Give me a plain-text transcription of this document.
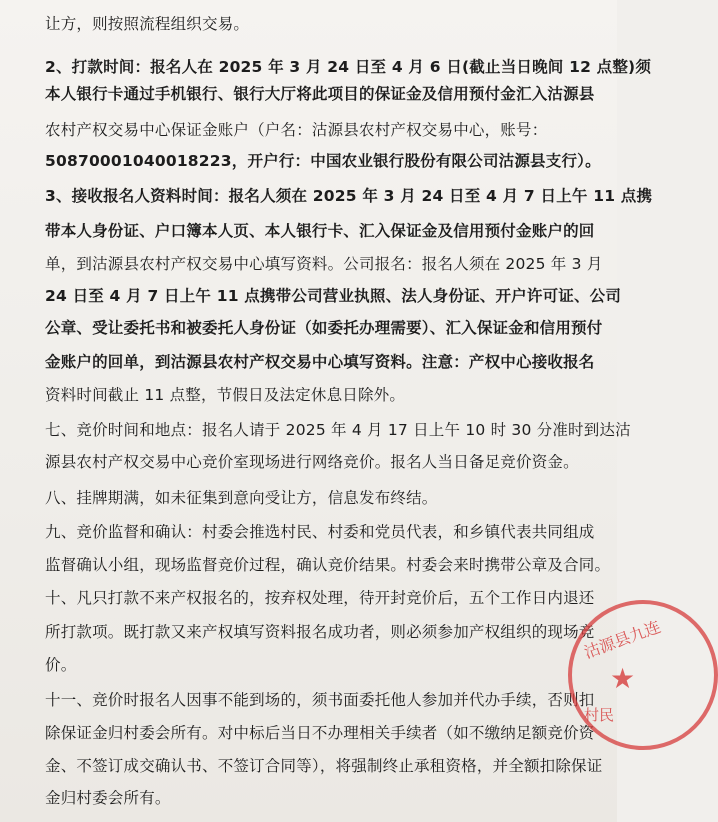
让方，则按照流程组织交易。
2、打款时间：报名人在 2025 年 3 月 24 日至 4 月 6 日(截止当日晚间 12 点整)须
本人银行卡通过手机银行、银行大厅将此项目的保证金及信用预付金汇入沽源县
农村产权交易中心保证金账户（户名：沽源县农村产权交易中心，账号：
50870001040018223，开户行：中国农业银行股份有限公司沽源县支行）。
3、接收报名人资料时间：报名人须在 2025 年 3 月 24 日至 4 月 7 日上午 11 点携
带本人身份证、户口簿本人页、本人银行卡、汇入保证金及信用预付金账户的回
单，到沽源县农村产权交易中心填写资料。公司报名：报名人须在 2025 年 3 月
24 日至 4 月 7 日上午 11 点携带公司营业执照、法人身份证、开户许可证、公司
公章、受让委托书和被委托人身份证（如委托办理需要）、汇入保证金和信用预付
金账户的回单，到沽源县农村产权交易中心填写资料。注意：产权中心接收报名
资料时间截止 11 点整，节假日及法定休息日除外。
七、竞价时间和地点：报名人请于 2025 年 4 月 17 日上午 10 时 30 分准时到达沽
源县农村产权交易中心竞价室现场进行网络竞价。报名人当日备足竞价资金。
八、挂牌期满，如未征集到意向受让方，信息发布终结。
九、竞价监督和确认：村委会推选村民、村委和党员代表，和乡镇代表共同组成
监督确认小组，现场监督竞价过程，确认竞价结果。村委会来时携带公章及合同。
十、凡只打款不来产权报名的，按弃权处理，待开封竞价后，五个工作日内退还
所打款项。既打款又来产权填写资料报名成功者，则必须参加产权组织的现场竞
价。
十一、竞价时报名人因事不能到场的，须书面委托他人参加并代办手续，否则扣
除保证金归村委会所有。对中标后当日不办理相关手续者（如不缴纳足额竞价资
金、不签订成交确认书、不签订合同等），将强制终止承租资格，并全额扣除保证
金归村委会所有。
沽源县九连
★
村民
